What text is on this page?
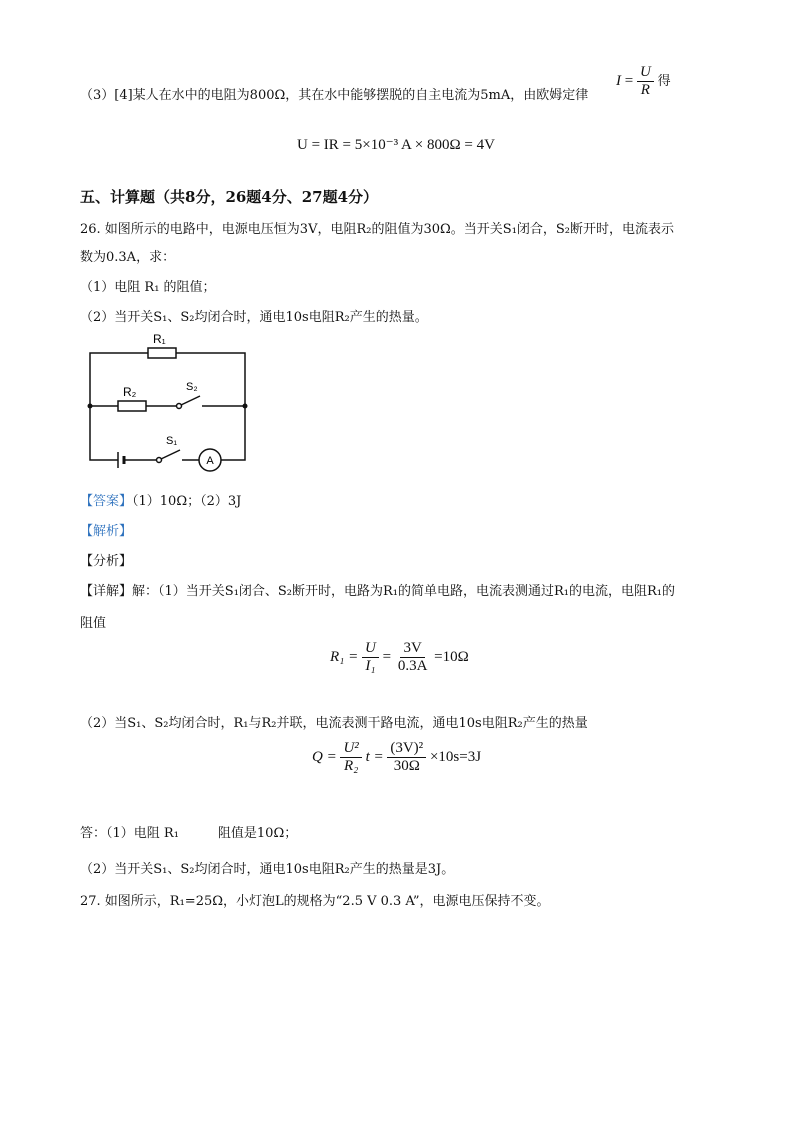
（3）[4]某人在水中的电阻为800Ω，其在水中能够摆脱的自主电流为5mA，由欧姆定律
$I = \frac{U}{R}$ 得
U = IR = 5×10⁻³ A × 800Ω = 4V
五、计算题（共8分，26题4分、27题4分）
26. 如图所示的电路中，电源电压恒为3V，电阻R₂的阻值为30Ω。当开关S₁闭合，S₂断开时，电流表示
数为0.3A，求：
（1）电阻 R₁ 的阻值；
（2）当开关S₁、S₂均闭合时，通电10s电阻R₂产生的热量。
R₁
R₂	S₂
S₁
A
【答案】（1）10Ω；（2）3J
【解析】
【分析】
【详解】解：（1）当开关S₁闭合、S₂断开时，电路为R₁的简单电路，电流表测通过R₁的电流，电阻R₁的
阻值
$R_1 = \frac{U}{\text{I₁}} = \frac{3V}{0.3A} =10\Omega$
（2）当S₁、S₂均闭合时，R₁与R₂并联，电流表测干路电流，通电10s电阻R₂产生的热量
$Q = \frac{\text{U²}}{\text{R₂}}$ $t = \frac{\text{(3V)²}}{30\Omega} \times 10s=3J$
答：（1）电阻 R₁　　　阻值是10Ω；
（2）当开关S₁、S₂均闭合时，通电10s电阻R₂产生的热量是3J。
27. 如图所示，R₁=25Ω，小灯泡L的规格为“2.5 V 0.3 A”，电源电压保持不变。
